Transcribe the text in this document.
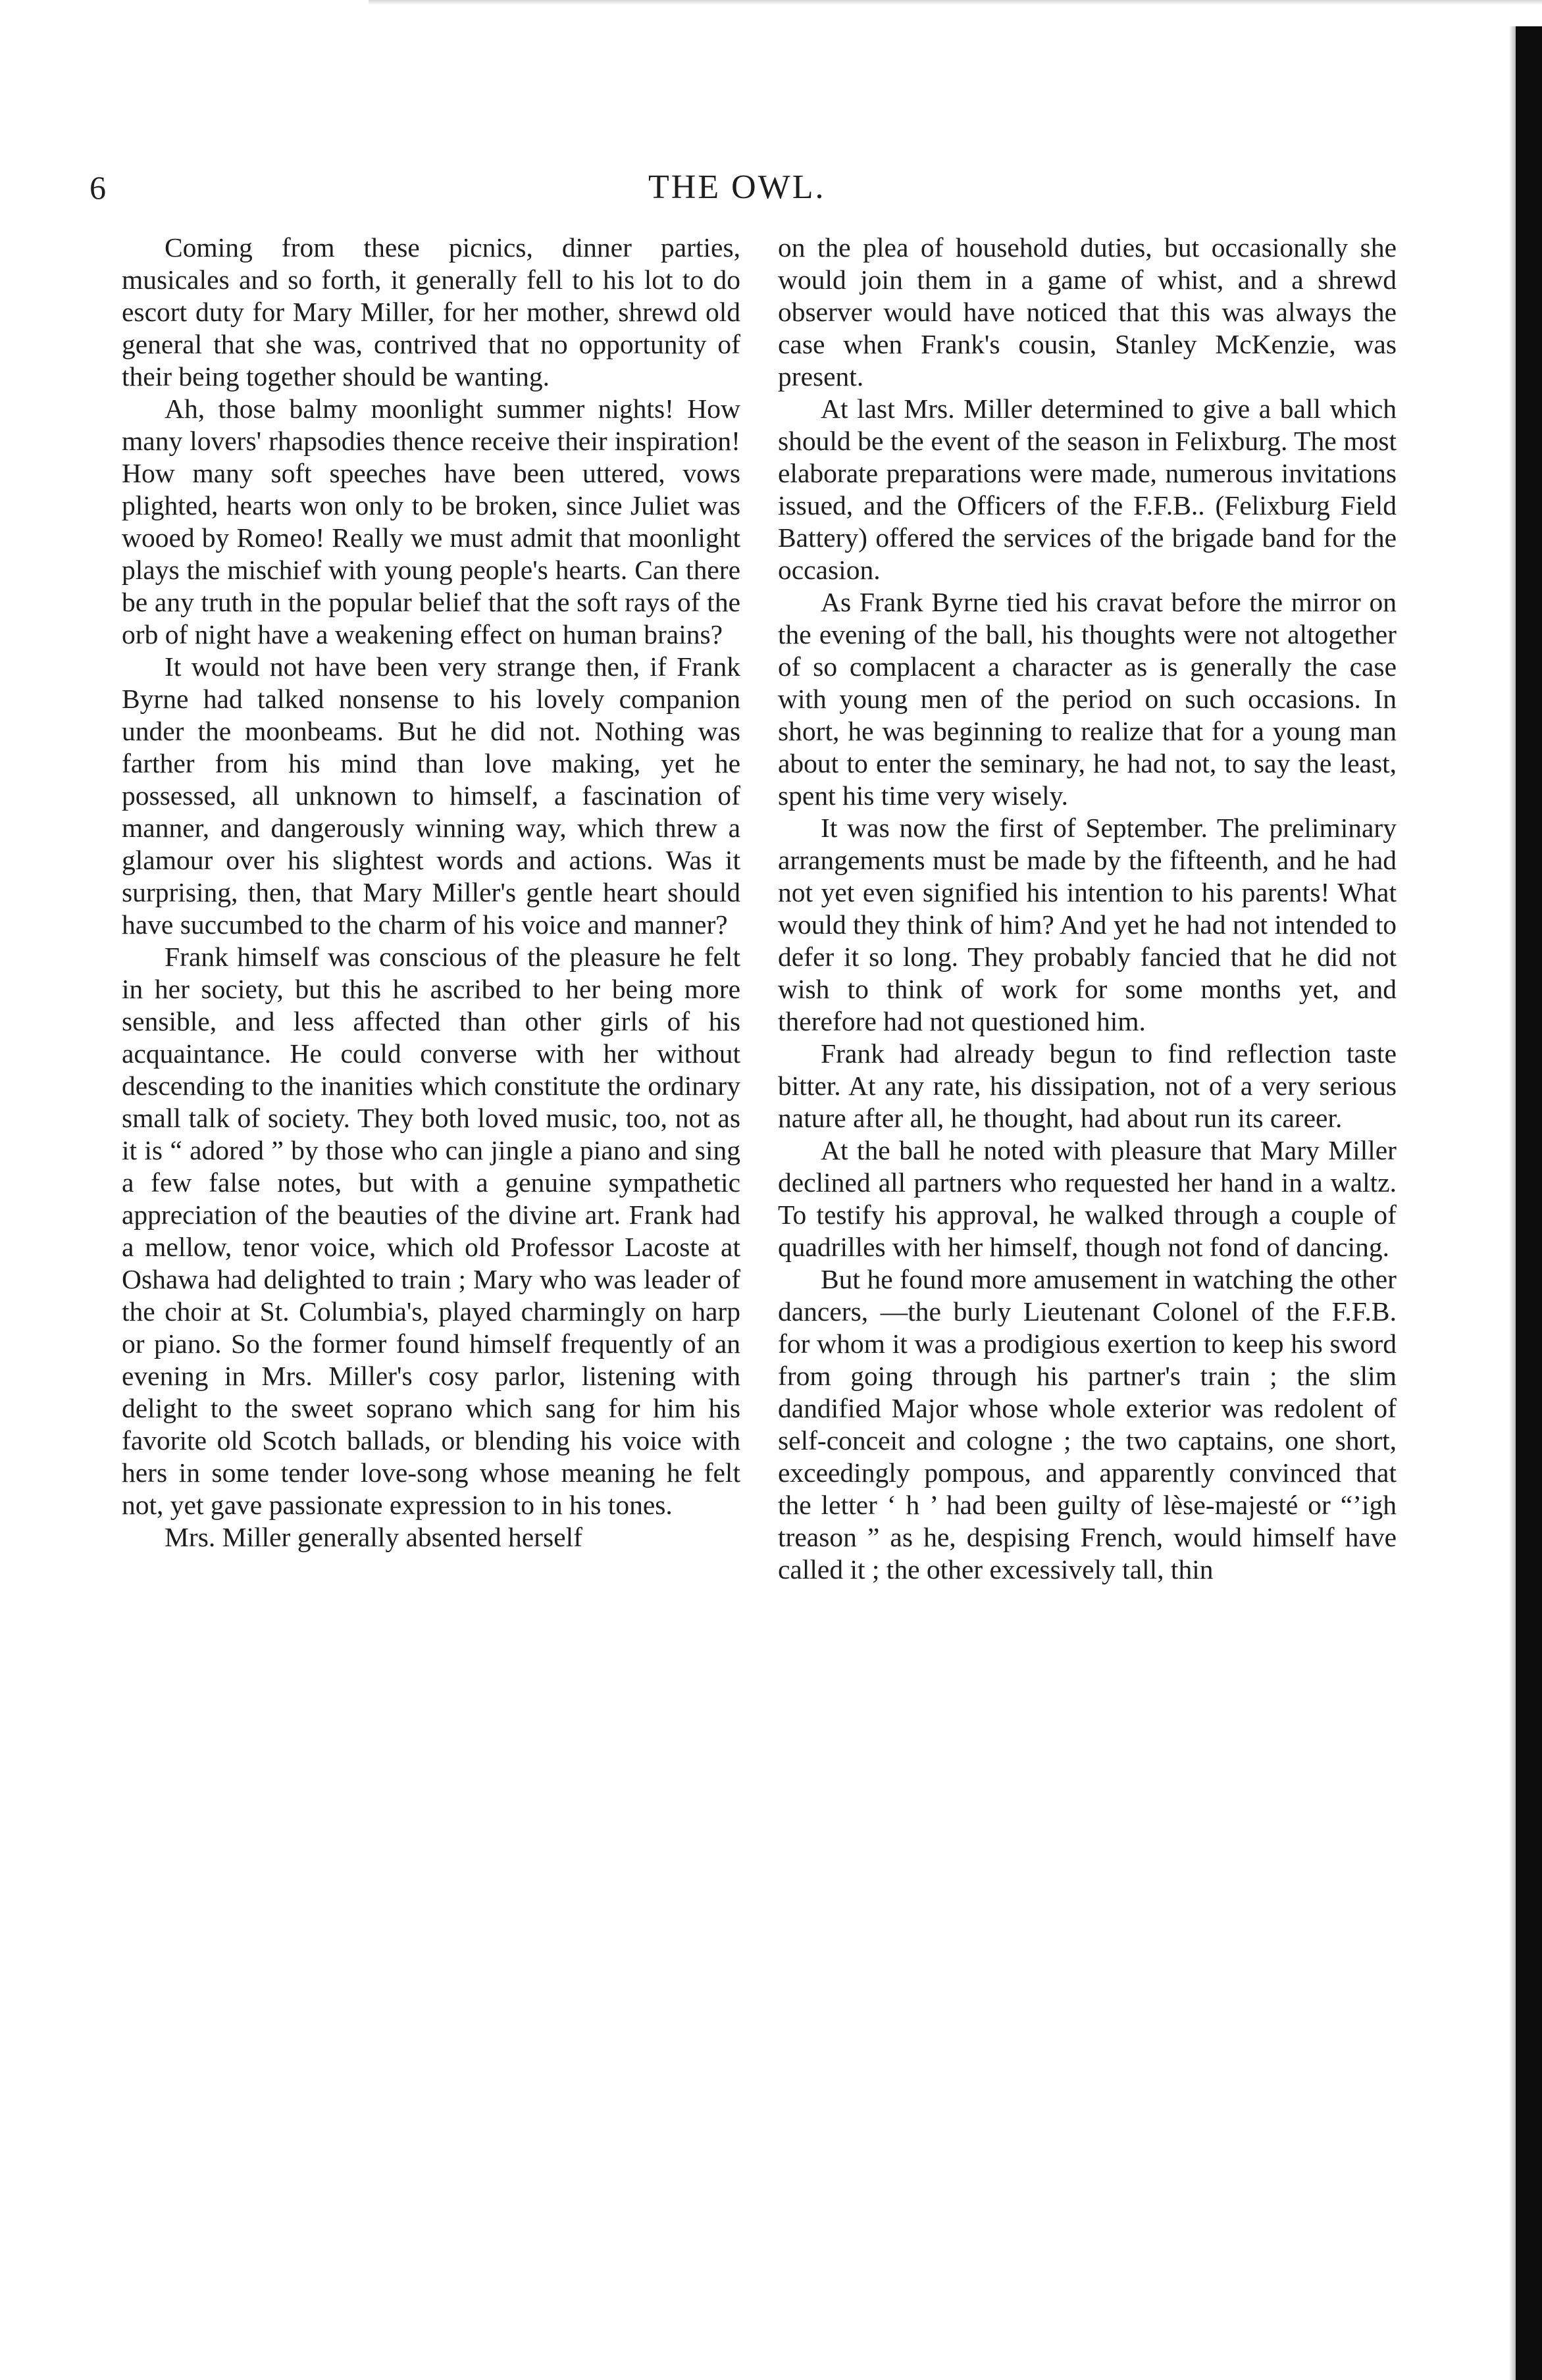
6	THE OWL.

Coming from these picnics, dinner parties, musicales and so forth, it generally fell to his lot to do escort duty for Mary Miller, for her mother, shrewd old general that she was, contrived that no opportunity of their being together should be wanting.

Ah, those balmy moonlight summer nights! How many lovers' rhapsodies thence receive their inspiration! How many soft speeches have been uttered, vows plighted, hearts won only to be broken, since Juliet was wooed by Romeo! Really we must admit that moonlight plays the mischief with young people's hearts. Can there be any truth in the popular belief that the soft rays of the orb of night have a weakening effect on human brains?

It would not have been very strange then, if Frank Byrne had talked nonsense to his lovely companion under the moonbeams. But he did not. Nothing was farther from his mind than love making, yet he possessed, all unknown to himself, a fascination of manner, and dangerously winning way, which threw a glamour over his slightest words and actions. Was it surprising, then, that Mary Miller's gentle heart should have succumbed to the charm of his voice and manner?

Frank himself was conscious of the pleasure he felt in her society, but this he ascribed to her being more sensible, and less affected than other girls of his acquaintance. He could converse with her without descending to the inanities which constitute the ordinary small talk of society. They both loved music, too, not as it is “ adored ” by those who can jingle a piano and sing a few false notes, but with a genuine sympathetic appreciation of the beauties of the divine art. Frank had a mellow, tenor voice, which old Professor Lacoste at Oshawa had delighted to train ; Mary who was leader of the choir at St. Columbia's, played charmingly on harp or piano. So the former found himself frequently of an evening in Mrs. Miller's cosy parlor, listening with delight to the sweet soprano which sang for him his favorite old Scotch ballads, or blending his voice with hers in some tender love-song whose meaning he felt not, yet gave passionate expression to in his tones.

Mrs. Miller generally absented herself

on the plea of household duties, but occasionally she would join them in a game of whist, and a shrewd observer would have noticed that this was always the case when Frank's cousin, Stanley McKenzie, was present.

At last Mrs. Miller determined to give a ball which should be the event of the season in Felixburg. The most elaborate preparations were made, numerous invitations issued, and the Officers of the F.F.B.. (Felixburg Field Battery) offered the services of the brigade band for the occasion.

As Frank Byrne tied his cravat before the mirror on the evening of the ball, his thoughts were not altogether of so complacent a character as is generally the case with young men of the period on such occasions. In short, he was beginning to realize that for a young man about to enter the seminary, he had not, to say the least, spent his time very wisely.

It was now the first of September. The preliminary arrangements must be made by the fifteenth, and he had not yet even signified his intention to his parents! What would they think of him? And yet he had not intended to defer it so long. They probably fancied that he did not wish to think of work for some months yet, and therefore had not questioned him.

Frank had already begun to find reflection taste bitter. At any rate, his dissipation, not of a very serious nature after all, he thought, had about run its career.

At the ball he noted with pleasure that Mary Miller declined all partners who requested her hand in a waltz. To testify his approval, he walked through a couple of quadrilles with her himself, though not fond of dancing.

But he found more amusement in watching the other dancers, —the burly Lieutenant Colonel of the F.F.B. for whom it was a prodigious exertion to keep his sword from going through his partner's train ; the slim dandified Major whose whole exterior was redolent of self-conceit and cologne ; the two captains, one short, exceedingly pompous, and apparently convinced that the letter ‘ h ’ had been guilty of lèse-majesté or “’igh treason ” as he, despising French, would himself have called it ; the other excessively tall, thin
